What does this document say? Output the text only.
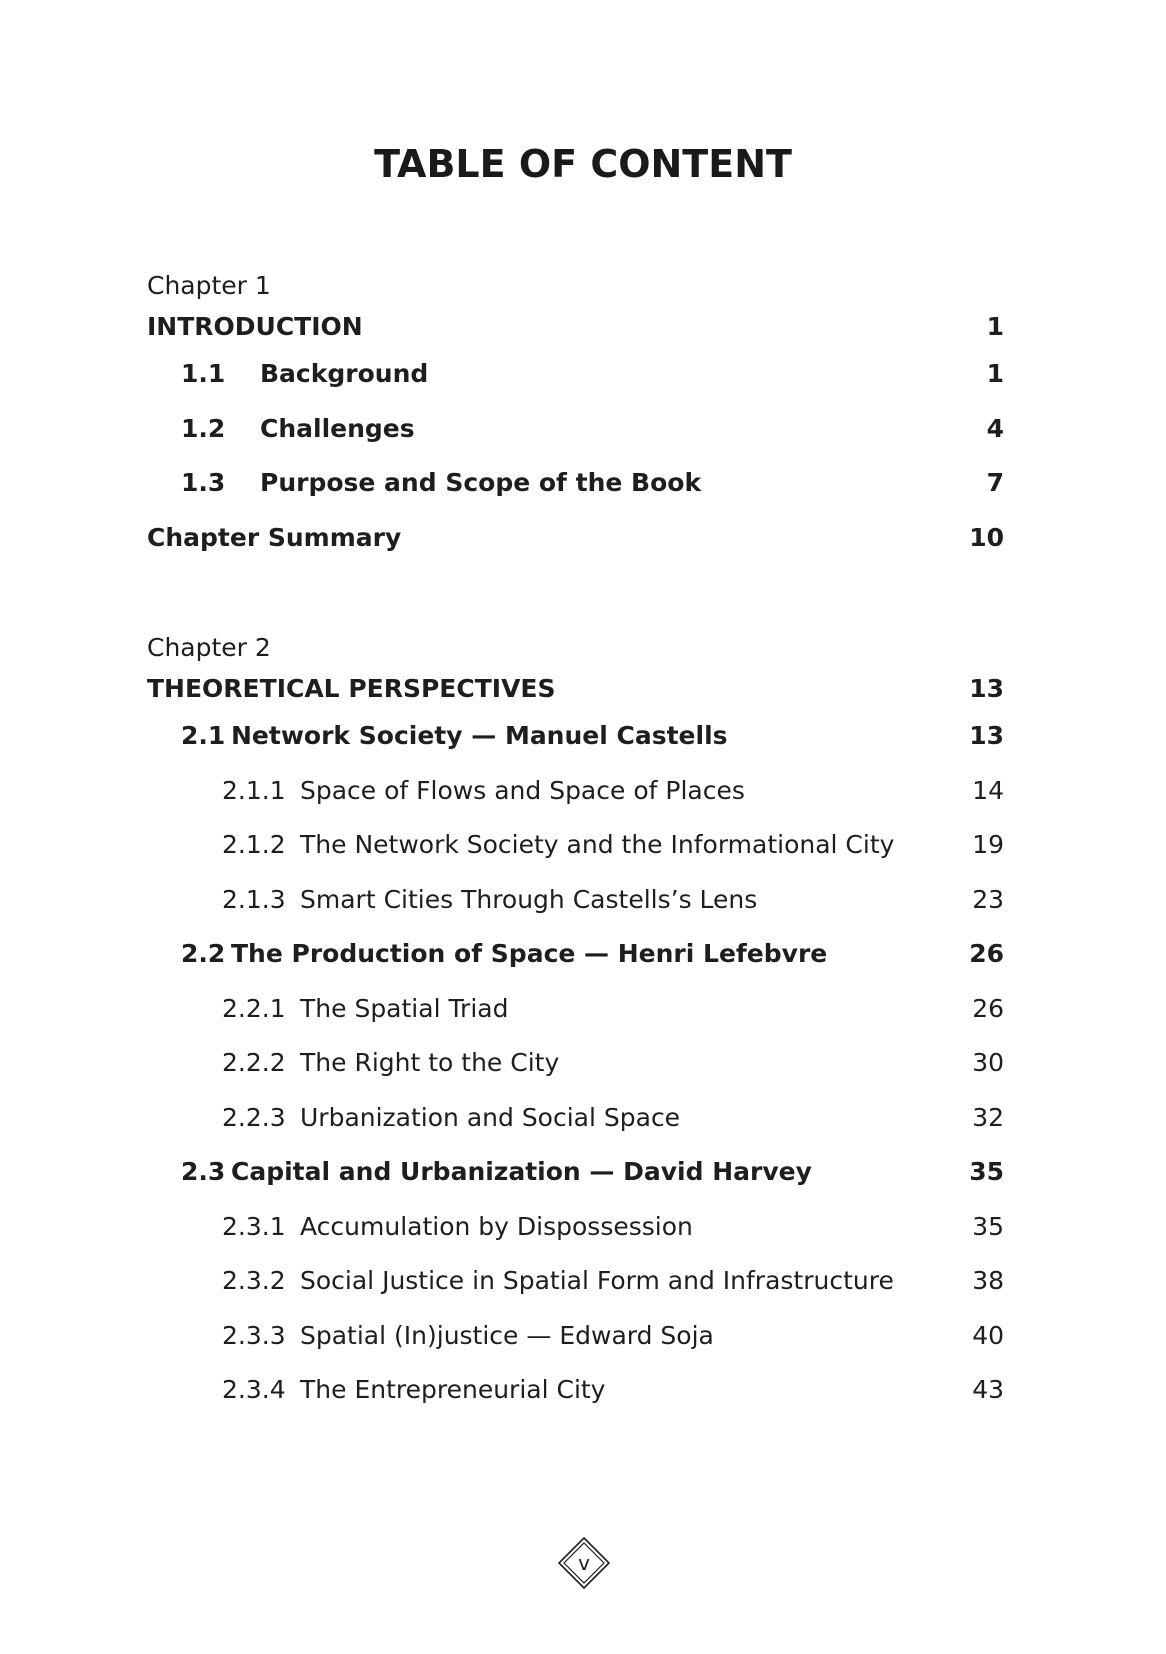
TABLE OF CONTENT
Chapter 1
INTRODUCTION	1
1.1 Background	1
1.2 Challenges	4
1.3 Purpose and Scope of the Book	7
Chapter Summary	10
Chapter 2
THEORETICAL PERSPECTIVES	13
2.1 Network Society — Manuel Castells	13
2.1.1 Space of Flows and Space of Places	14
2.1.2 The Network Society and the Informational City	19
2.1.3 Smart Cities Through Castells’s Lens	23
2.2 The Production of Space — Henri Lefebvre	26
2.2.1 The Spatial Triad	26
2.2.2 The Right to the City	30
2.2.3 Urbanization and Social Space	32
2.3 Capital and Urbanization — David Harvey	35
2.3.1 Accumulation by Dispossession	35
2.3.2 Social Justice in Spatial Form and Infrastructure	38
2.3.3 Spatial (In)justice — Edward Soja	40
2.3.4 The Entrepreneurial City	43
v
